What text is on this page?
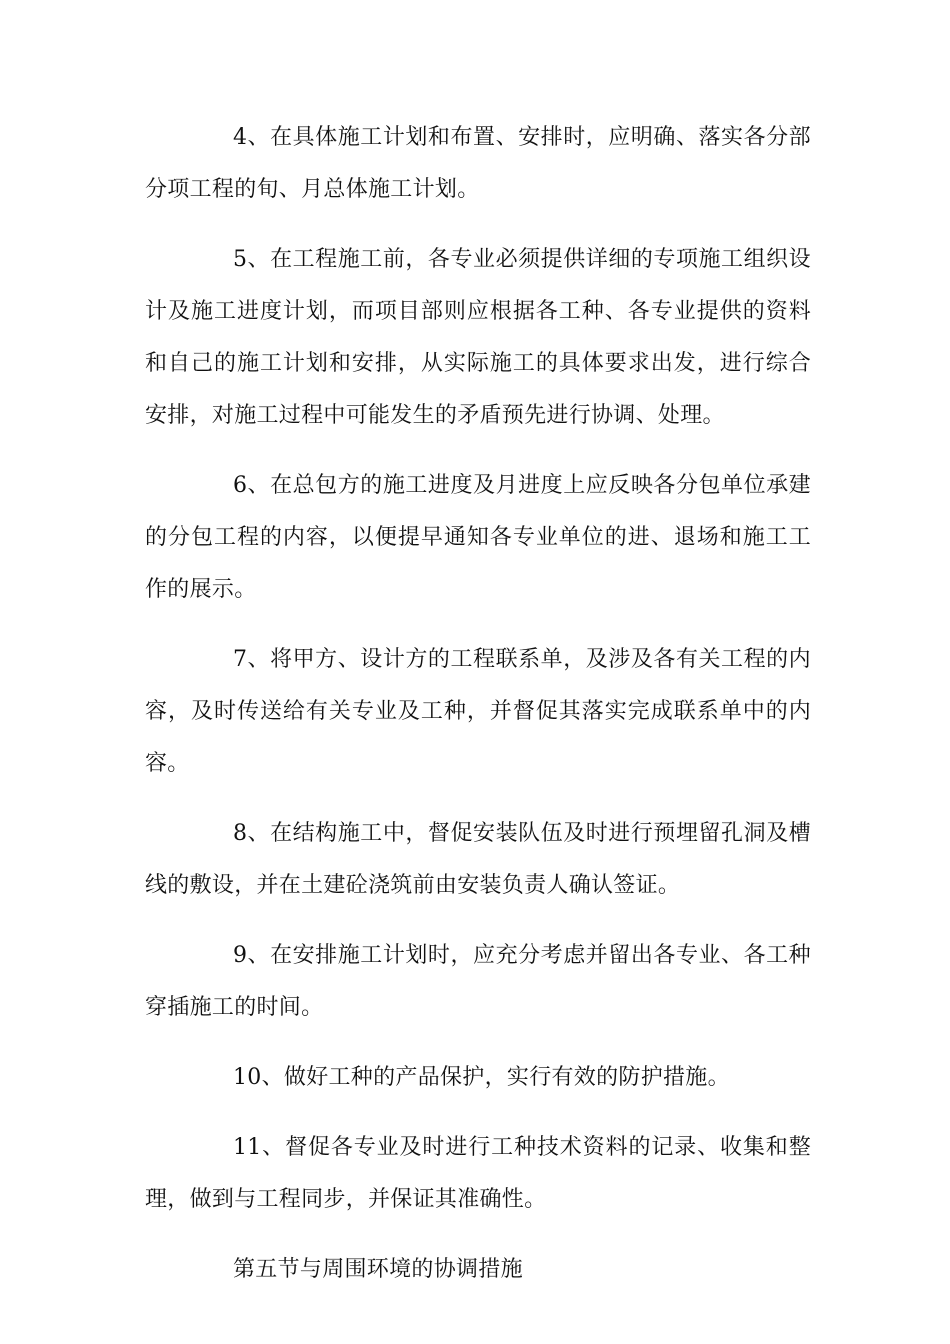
4、在具体施工计划和布置、安排时，应明确、落实各分部分项工程的旬、月总体施工计划。

5、在工程施工前，各专业必须提供详细的专项施工组织设计及施工进度计划，而项目部则应根据各工种、各专业提供的资料和自己的施工计划和安排，从实际施工的具体要求出发，进行综合安排，对施工过程中可能发生的矛盾预先进行协调、处理。

6、在总包方的施工进度及月进度上应反映各分包单位承建的分包工程的内容，以便提早通知各专业单位的进、退场和施工工作的展示。

7、将甲方、设计方的工程联系单，及涉及各有关工程的内容，及时传送给有关专业及工种，并督促其落实完成联系单中的内容。

8、在结构施工中，督促安装队伍及时进行预埋留孔洞及槽线的敷设，并在土建砼浇筑前由安装负责人确认签证。

9、在安排施工计划时，应充分考虑并留出各专业、各工种穿插施工的时间。

10、做好工种的产品保护，实行有效的防护措施。

11、督促各专业及时进行工种技术资料的记录、收集和整理，做到与工程同步，并保证其准确性。

第五节与周围环境的协调措施
